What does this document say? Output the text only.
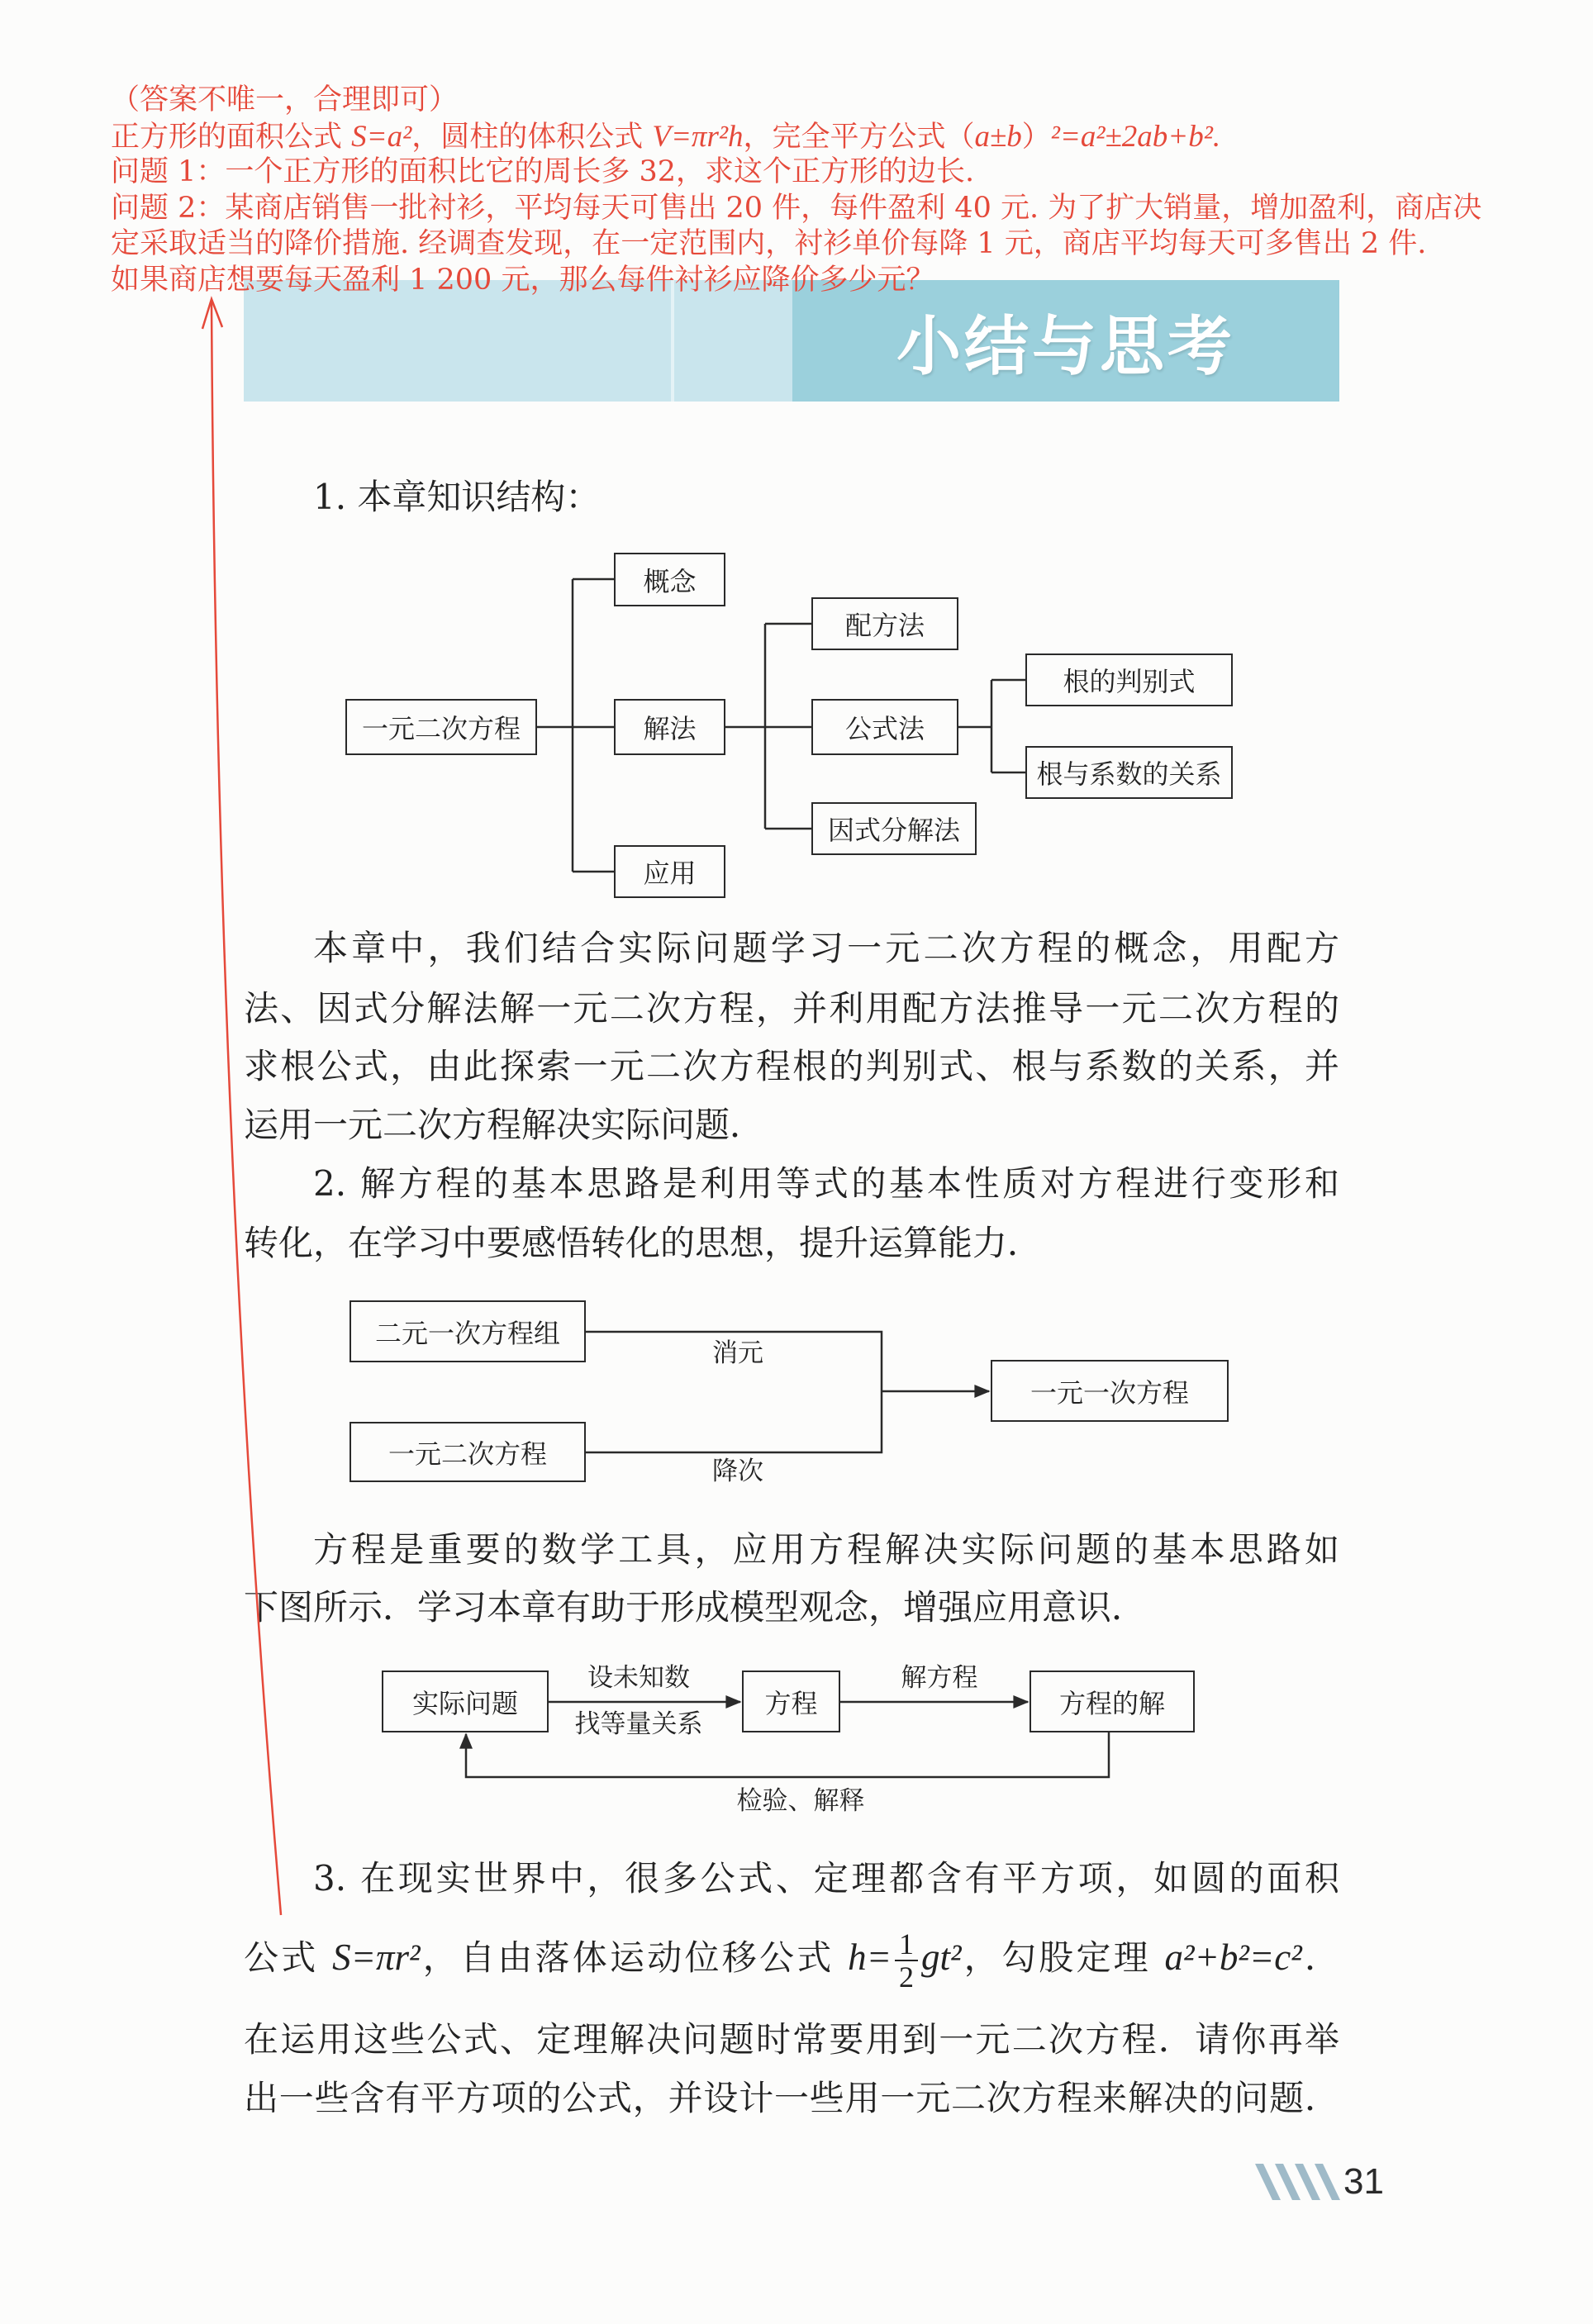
小结与思考
（答案不唯一，合理即可）
正方形的面积公式 S=a²，圆柱的体积公式 V=πr²h，完全平方公式（a±b）²=a²±2ab+b².
问题 1：一个正方形的面积比它的周长多 32，求这个正方形的边长.
问题 2：某商店销售一批衬衫，平均每天可售出 20 件，每件盈利 40 元. 为了扩大销量，增加盈利，商店决
定采取适当的降价措施. 经调查发现，在一定范围内，衬衫单价每降 1 元，商店平均每天可多售出 2 件.
如果商店想要每天盈利 1 200 元，那么每件衬衫应降价多少元？
1. 本章知识结构：
一元二次方程
概念
解法
应用
配方法
公式法
因式分解法
根的判别式
根与系数的关系
本章中，我们结合实际问题学习一元二次方程的概念，用配方
法、因式分解法解一元二次方程，并利用配方法推导一元二次方程的
求根公式，由此探索一元二次方程根的判别式、根与系数的关系，并
运用一元二次方程解决实际问题．
2. 解方程的基本思路是利用等式的基本性质对方程进行变形和
转化，在学习中要感悟转化的思想，提升运算能力．
二元一次方程组
一元二次方程
一元一次方程
消元
降次
方程是重要的数学工具，应用方程解决实际问题的基本思路如
下图所示．学习本章有助于形成模型观念，增强应用意识．
实际问题	方程	方程的解
设未知数
找等量关系
解方程
检验、解释
3. 在现实世界中，很多公式、定理都含有平方项，如圆的面积
公式 S=πr²，自由落体运动位移公式 $h= \frac{1}{2} gt^2$，勾股定理 a²+b²=c²．
在运用这些公式、定理解决问题时常要用到一元二次方程．请你再举
出一些含有平方项的公式，并设计一些用一元二次方程来解决的问题．
31
